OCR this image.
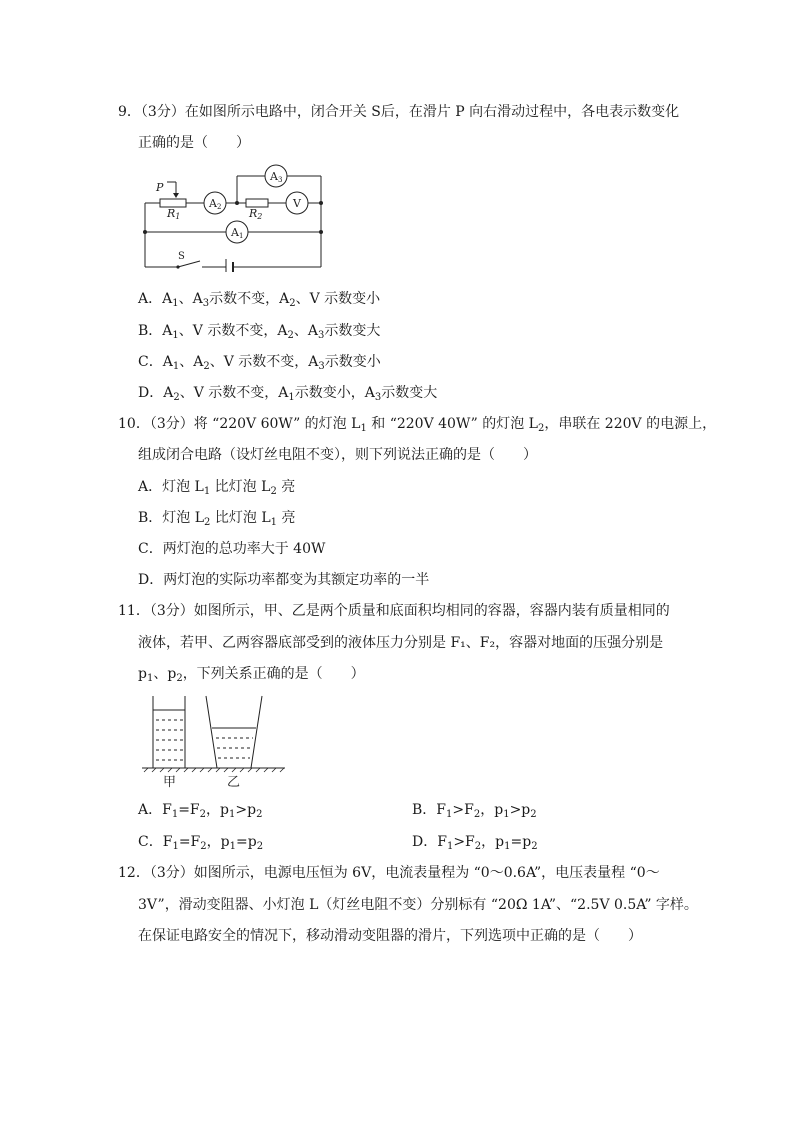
9．（3分）在如图所示电路中，闭合开关 S后，在滑片 P 向右滑动过程中，各电表示数变化
正确的是（　　）
P
R1	R2
A2
A3
A1
V
S
A．$A_1$、$A_3$示数不变，$A_2$、V 示数变小
B．$A_1$、V 示数不变，$A_2$、$A_3$示数变大
C．$A_1$、$A_2$、V 示数不变，$A_3$示数变小
D．$A_2$、V 示数不变，$A_1$示数变小，$A_3$示数变大
10．（3分）将 “220V 60W” 的灯泡 $L_1$ 和 “220V 40W” 的灯泡 $L_2$，串联在 220V 的电源上，
组成闭合电路（设灯丝电阻不变），则下列说法正确的是（　　）
A．灯泡 $L_1$ 比灯泡 $L_2$ 亮
B．灯泡 $L_2$ 比灯泡 $L_1$ 亮
C．两灯泡的总功率大于 40W
D．两灯泡的实际功率都变为其额定功率的一半
11．（3分）如图所示，甲、乙是两个质量和底面积均相同的容器，容器内装有质量相同的
液体，若甲、乙两容器底部受到的液体压力分别是 F₁、F₂，容器对地面的压强分别是
$p_1$、$p_2$，下列关系正确的是（　　）
甲	乙
A．$F_1=F_2$，$p_1>p_2$	B．$F_1>F_2$，$p_1>p_2$
C．$F_1=F_2$，$p_1=p_2$	D．$F_1>F_2$，$p_1=p_2$
12．（3分）如图所示，电源电压恒为 6V，电流表量程为 “0～0.6A”，电压表量程 “0～
3V”，滑动变阻器、小灯泡 L（灯丝电阻不变）分别标有 “20Ω 1A”、“2.5V 0.5A” 字样。
在保证电路安全的情况下，移动滑动变阻器的滑片，下列选项中正确的是（　　）
